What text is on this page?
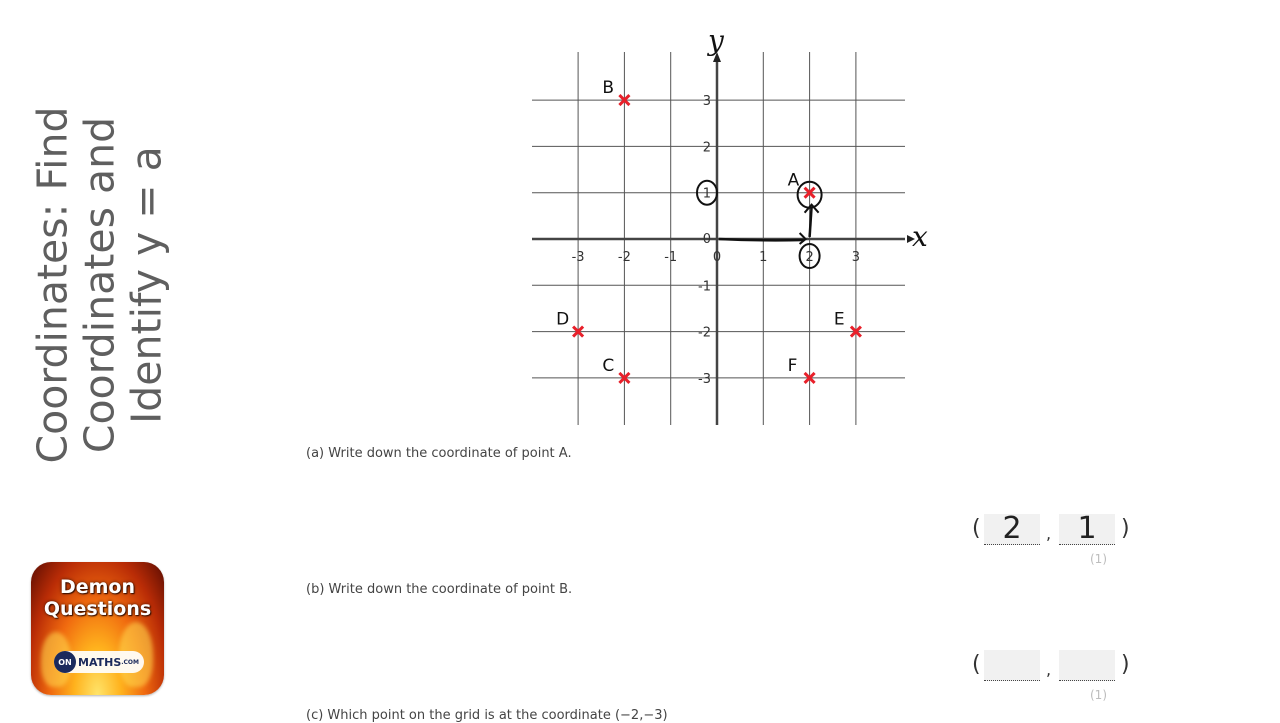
Coordinates: Find Coordinates and Identify y = a	-3	-2	-1	0	1	2	3
-3
-2
-1
0
1
2
3
B
A
D
C
E
F
x
y
(a) Write down the coordinate of point A.
( 2	, 1	)
(1)
(b) Write down the coordinate of point B.
(	,	)
(1)
(c) Which point on the grid is at the coordinate (−2,−3)
Demon
Questions
ON MATHS .COM
